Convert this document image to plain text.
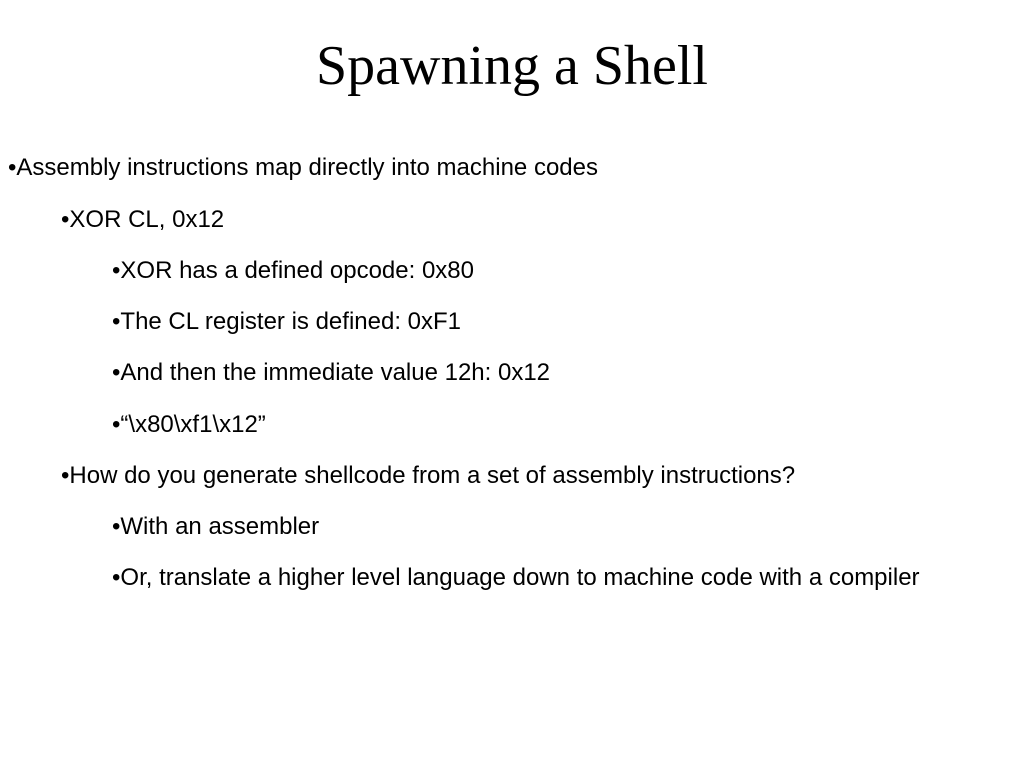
Spawning a Shell
•Assembly instructions map directly into machine codes
•XOR CL, 0x12
•XOR has a defined opcode: 0x80
•The CL register is defined: 0xF1
•And then the immediate value 12h: 0x12
•“\x80\xf1\x12”
•How do you generate shellcode from a set of assembly instructions?
•With an assembler
•Or, translate a higher level language down to machine code with a compiler
